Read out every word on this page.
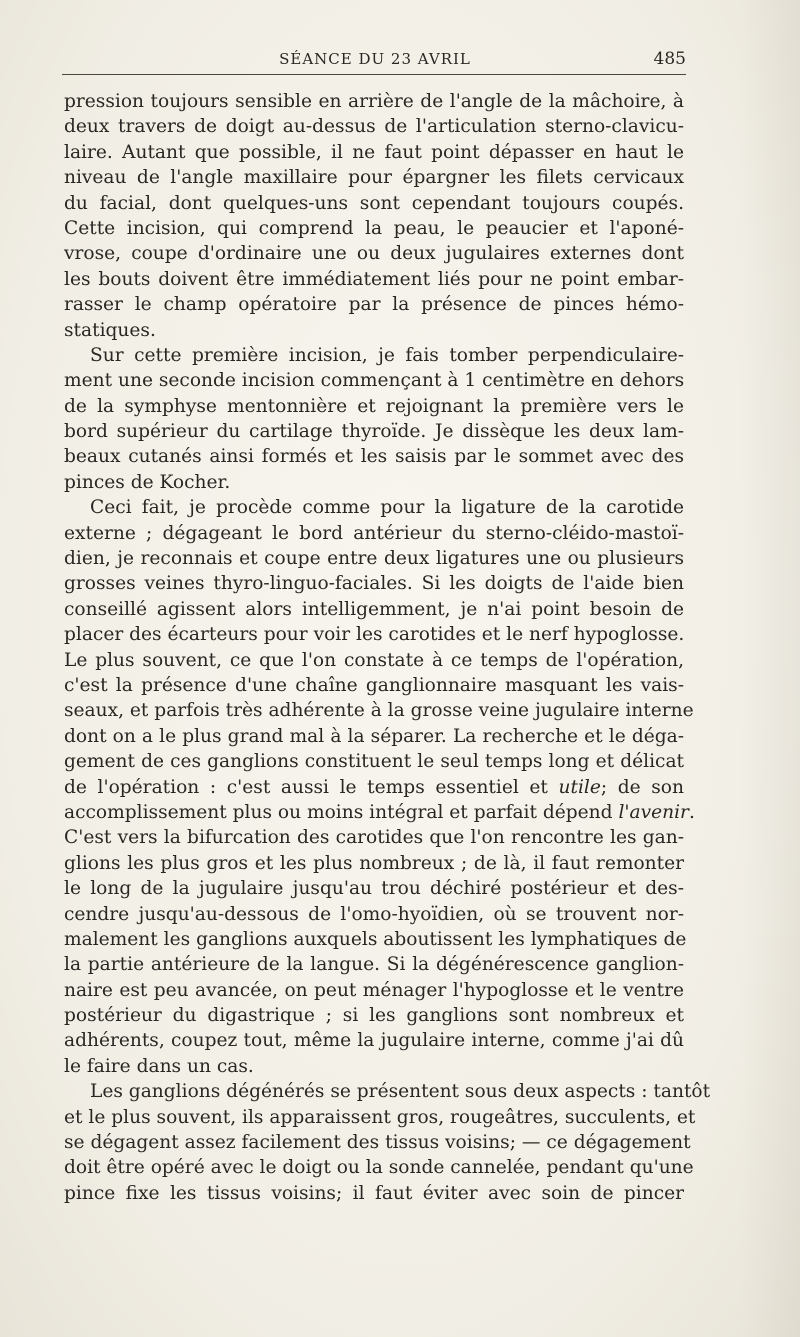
SÉANCE DU 23 AVRIL	485
pression toujours sensible en arrière de l'angle de la mâchoire, à
deux travers de doigt au-dessus de l'articulation sterno-clavicu-
laire. Autant que possible, il ne faut point dépasser en haut le
niveau de l'angle maxillaire pour épargner les filets cervicaux
du facial, dont quelques-uns sont cependant toujours coupés.
Cette incision, qui comprend la peau, le peaucier et l'aponé-
vrose, coupe d'ordinaire une ou deux jugulaires externes dont
les bouts doivent être immédiatement liés pour ne point embar-
rasser le champ opératoire par la présence de pinces hémo-
statiques.
Sur cette première incision, je fais tomber perpendiculaire-
ment une seconde incision commençant à 1 centimètre en dehors
de la symphyse mentonnière et rejoignant la première vers le
bord supérieur du cartilage thyroïde. Je dissèque les deux lam-
beaux cutanés ainsi formés et les saisis par le sommet avec des
pinces de Kocher.
Ceci fait, je procède comme pour la ligature de la carotide
externe ; dégageant le bord antérieur du sterno-cléido-mastoï-
dien, je reconnais et coupe entre deux ligatures une ou plusieurs
grosses veines thyro-linguo-faciales. Si les doigts de l'aide bien
conseillé agissent alors intelligemment, je n'ai point besoin de
placer des écarteurs pour voir les carotides et le nerf hypoglosse.
Le plus souvent, ce que l'on constate à ce temps de l'opération,
c'est la présence d'une chaîne ganglionnaire masquant les vais-
seaux, et parfois très adhérente à la grosse veine jugulaire interne
dont on a le plus grand mal à la séparer. La recherche et le déga-
gement de ces ganglions constituent le seul temps long et délicat
de l'opération : c'est aussi le temps essentiel et utile; de son
accomplissement plus ou moins intégral et parfait dépend l'avenir.
C'est vers la bifurcation des carotides que l'on rencontre les gan-
glions les plus gros et les plus nombreux ; de là, il faut remonter
le long de la jugulaire jusqu'au trou déchiré postérieur et des-
cendre jusqu'au-dessous de l'omo-hyoïdien, où se trouvent nor-
malement les ganglions auxquels aboutissent les lymphatiques de
la partie antérieure de la langue. Si la dégénérescence ganglion-
naire est peu avancée, on peut ménager l'hypoglosse et le ventre
postérieur du digastrique ; si les ganglions sont nombreux et
adhérents, coupez tout, même la jugulaire interne, comme j'ai dû
le faire dans un cas.
Les ganglions dégénérés se présentent sous deux aspects : tantôt
et le plus souvent, ils apparaissent gros, rougeâtres, succulents, et
se dégagent assez facilement des tissus voisins; — ce dégagement
doit être opéré avec le doigt ou la sonde cannelée, pendant qu'une
pince fixe les tissus voisins; il faut éviter avec soin de pincer
